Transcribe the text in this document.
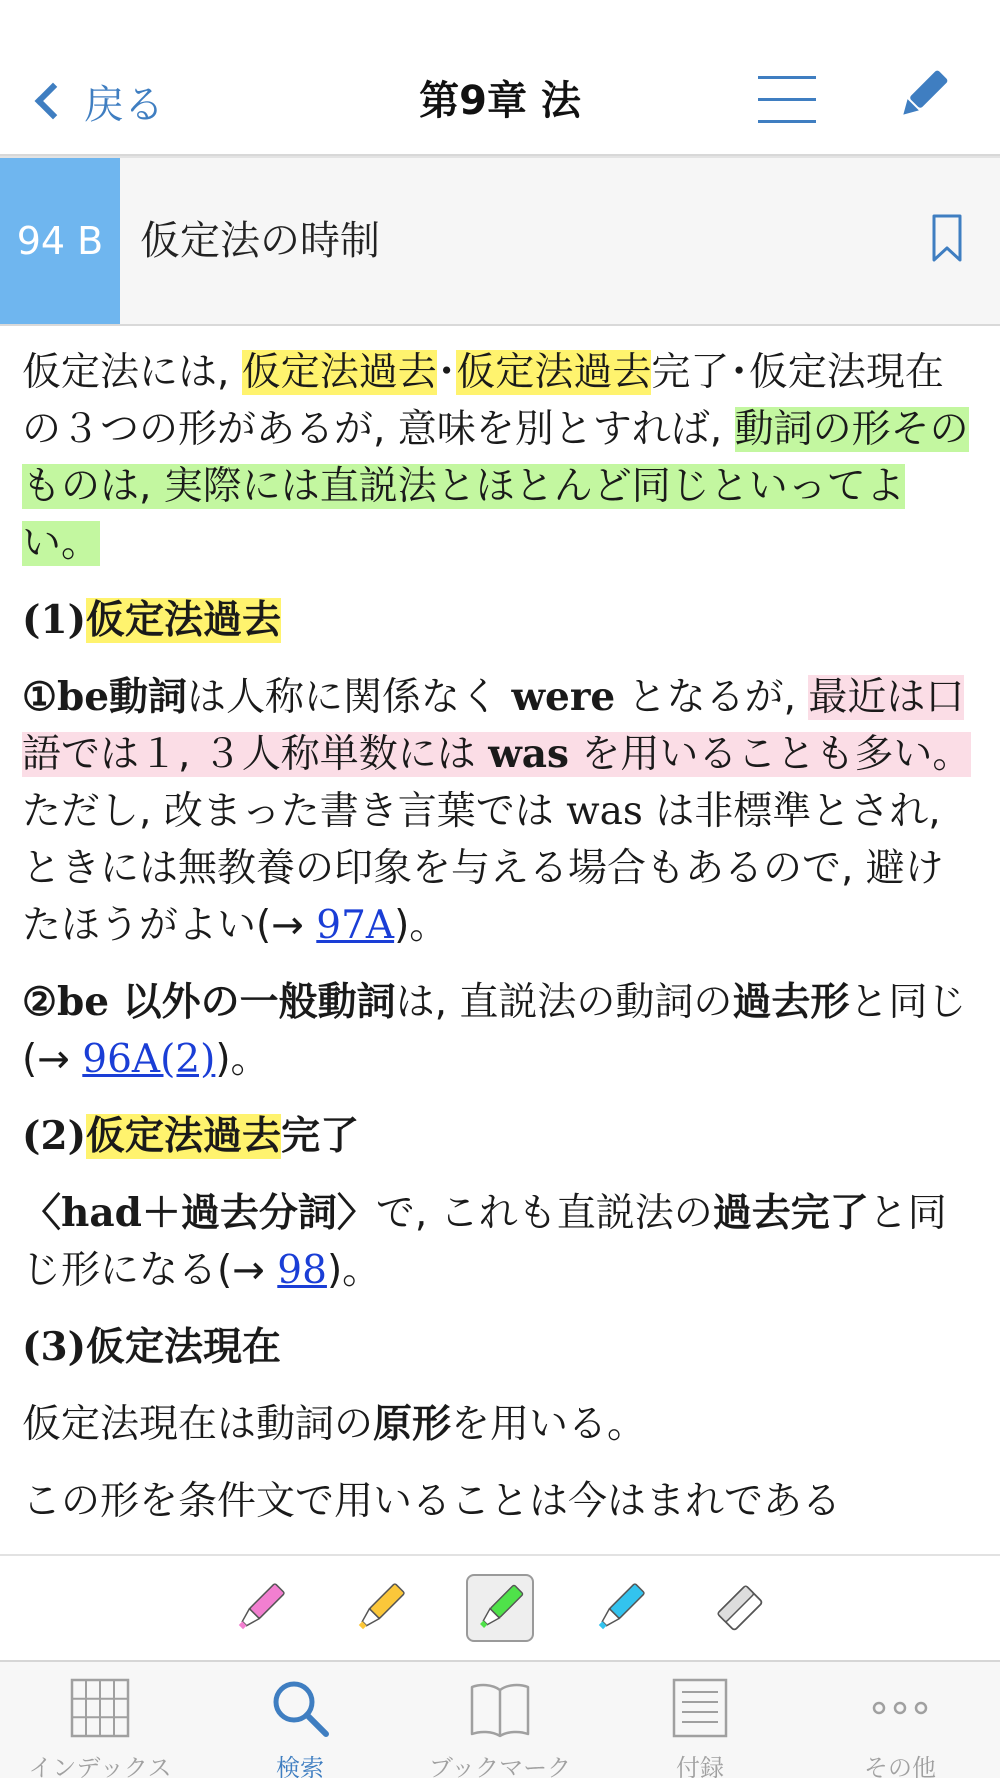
戻る	第9章 法
94 B 仮定法の時制

仮定法には, 仮定法過去･仮定法過去完了･仮定法現在の３つの形があるが, 意味を別とすれば, 動詞の形そのものは, 実際には直説法とほとんど同じといってよい。

(1)仮定法過去

①be動詞は人称に関係なく were となるが, 最近は口語では１, ３人称単数には was を用いることも多い。ただし, 改まった書き言葉では was は非標準とされ, ときには無教養の印象を与える場合もあるので, 避けたほうがよい(→ 97A)。

②be 以外の一般動詞は, 直説法の動詞の過去形と同じ(→ 96A(2))。

(2)仮定法過去完了

〈had＋過去分詞〉で, これも直説法の過去完了と同じ形になる(→ 98)。

(3)仮定法現在

仮定法現在は動詞の原形を用いる。

この形を条件文で用いることは今はまれである

インデックス	検索	ブックマーク	付録	その他
